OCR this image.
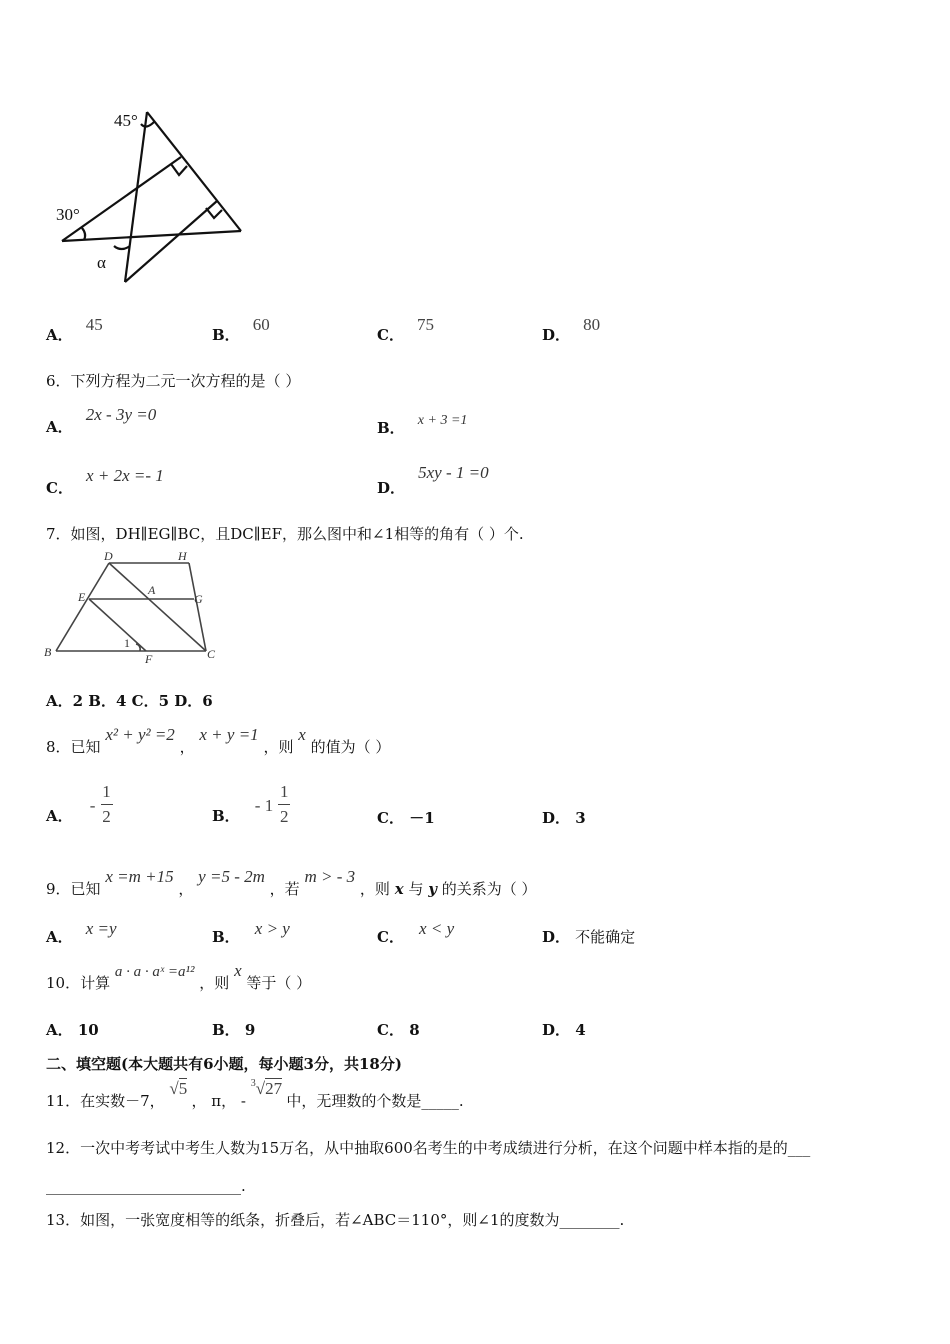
45°
30°
α
A． 45
B． 60
C． 75
D． 80
6．下列方程为二元一次方程的是（ ）
A． 2x - 3y =0
B． x + 3 =1
C． x + 2x =- 1
D． 5xy - 1 =0
7．如图，DH∥EG∥BC，且DC∥EF，那么图中和∠1相等的角有（ ）个.
D	H
E	A
G
B	F	C
1
A．2 B．4 C．5 D．6
8．已知 x² + y² =2 ， x + y =1 ，则 x 的值为（ ）
A． - $\frac{1}{2}$	B． - $1 \frac{1}{2}$	C． －1	D． 3
9．已知 x =m +15 ， y =5 - 2m ，若 m > - 3 ，则 x 与 y 的关系为（ ）
A． x =y	B． x > y	C． x < y	D． 不能确定
10．计算 a · a · aˣ =a¹² ，则 x 等于（ ）
A． 10	B． 9	C． 8	D． 4
二、填空题(本大题共有6小题，每小题3分，共18分)
11．在实数－7， √5 ， π， - $^3$√27 中，无理数的个数是_____.
12．一次中考考试中考生人数为15万名，从中抽取600名考生的中考成绩进行分析，在这个问题中样本指的是的___
__________________________.
13．如图，一张宽度相等的纸条，折叠后，若∠ABC＝110°，则∠1的度数为________.
